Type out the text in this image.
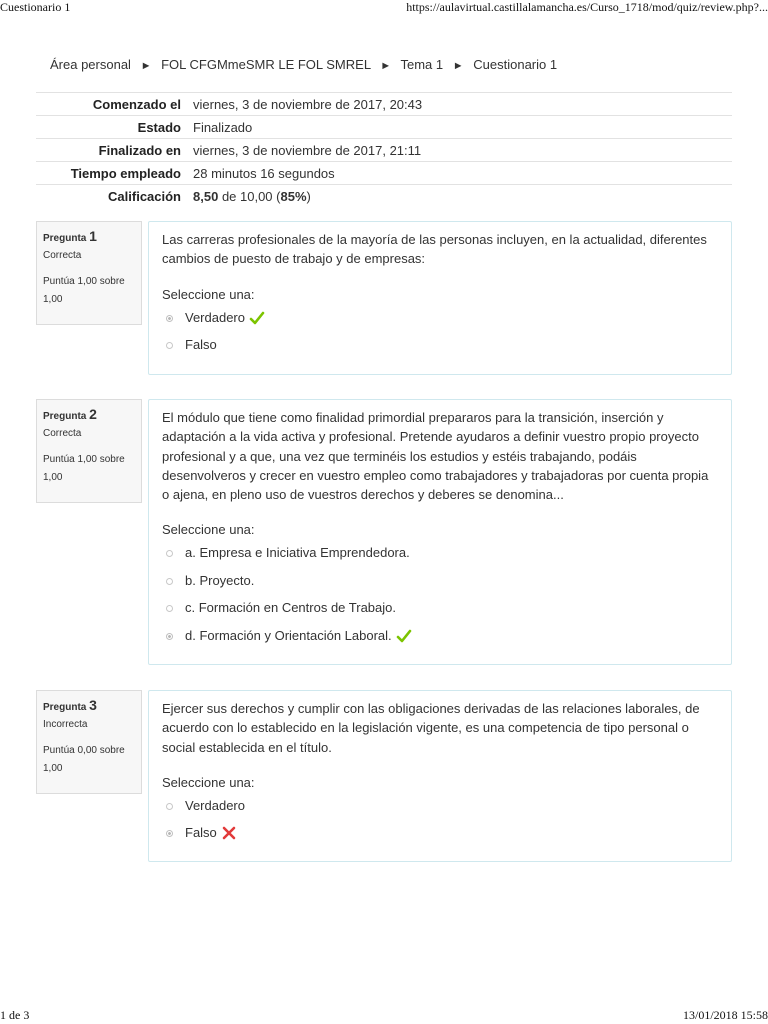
Cuestionario 1	https://aulavirtual.castillalamancha.es/Curso_1718/mod/quiz/review.php?...
Área personal ► FOL CFGMmeSMR LE FOL SMREL ► Tema 1 ► Cuestionario 1
Comenzado el	viernes, 3 de noviembre de 2017, 20:43
Estado	Finalizado
Finalizado en	viernes, 3 de noviembre de 2017, 21:11
Tiempo empleado	28 minutos 16 segundos
Calificación	8,50 de 10,00 (85%)
Pregunta 1
Correcta
Puntúa 1,00 sobre 1,00
Las carreras profesionales de la mayoría de las personas incluyen, en la actualidad, diferentes cambios de puesto de trabajo y de empresas:
Seleccione una:
Verdadero
Falso
Pregunta 2
Correcta
Puntúa 1,00 sobre 1,00
El módulo que tiene como finalidad primordial prepararos para la transición, inserción y adaptación a la vida activa y profesional. Pretende ayudaros a definir vuestro propio proyecto profesional y a que, una vez que terminéis los estudios y estéis trabajando, podáis desenvolveros y crecer en vuestro empleo como trabajadores y trabajadoras por cuenta propia o ajena, en pleno uso de vuestros derechos y deberes se denomina...
Seleccione una:
a. Empresa e Iniciativa Emprendedora.
b. Proyecto.
c. Formación en Centros de Trabajo.
d. Formación y Orientación Laboral.
Pregunta 3
Incorrecta
Puntúa 0,00 sobre 1,00
Ejercer sus derechos y cumplir con las obligaciones derivadas de las relaciones laborales, de acuerdo con lo establecido en la legislación vigente, es una competencia de tipo personal o social establecida en el título.
Seleccione una:
Verdadero
Falso
1 de 3	13/01/2018 15:58
